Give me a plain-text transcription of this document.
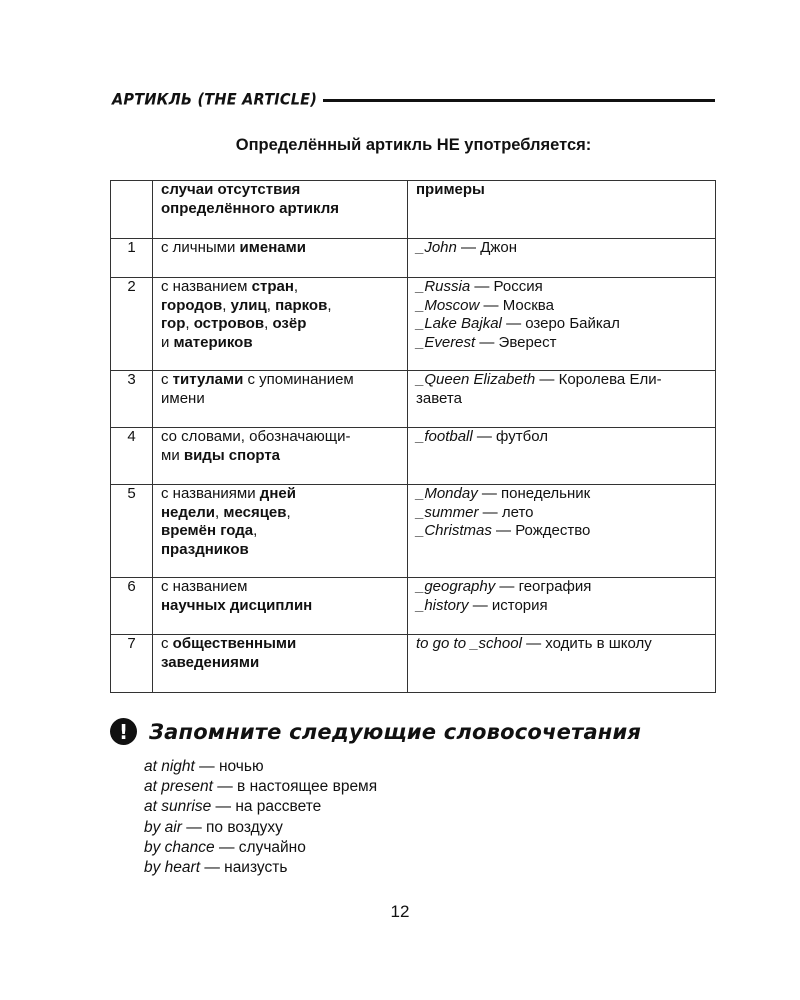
АРТИКЛЬ (THE ARTICLE)
Определённый артикль НЕ употребляется:
	случаи отсутствия определённого артикля	примеры
1	с личными именами	_John — Джон

2	с названием стран,
городов, улиц, парков,
гор, островов, озёр
и материков	_Russia — Россия
_Moscow — Москва
_Lake Bajkal — озеро Байкал
_Everest — Эверест

3	с титулами с упоминанием
имени	_Queen Elizabeth — Королева Ели-
завета

4	со словами, обозначающи-
ми виды спорта	_football — футбол

5	с названиями дней
недели, месяцев,
времён года,
праздников	_Monday — понедельник
_summer — лето
_Christmas — Рождество

6	с названием
научных дисциплин	_geography — география
_history — история

7	с общественными
заведениями	to go to _school — ходить в школу
! Запомните следующие словосочетания
at night — ночью
at present — в настоящее время
at sunrise — на рассвете
by air — по воздуху
by chance — случайно
by heart — наизусть
12
